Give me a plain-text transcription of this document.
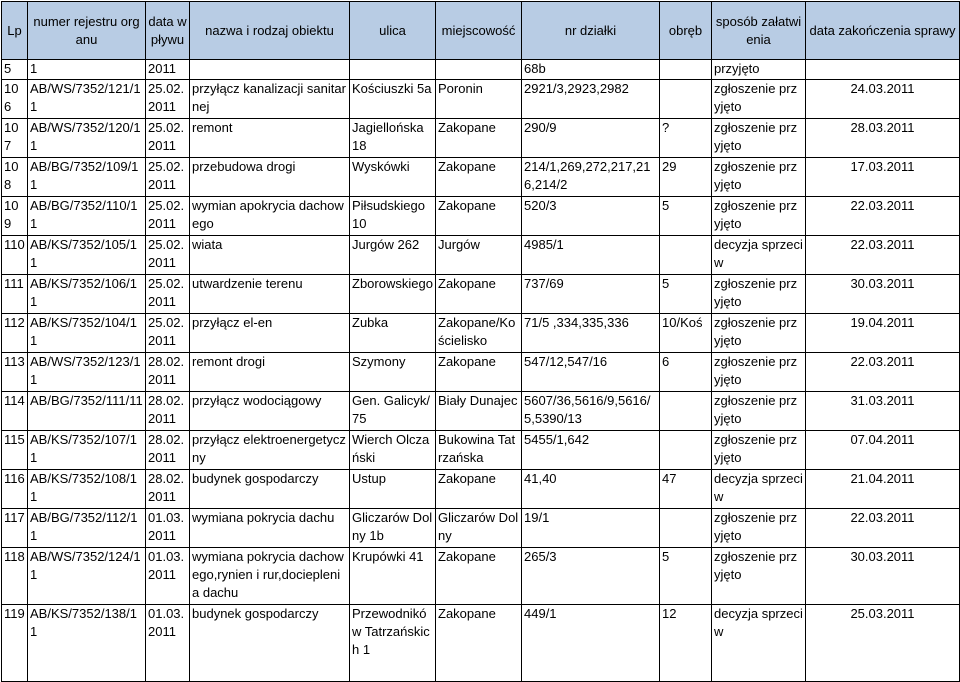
Lp	numer rejestru organu	data wpływu	nazwa i rodzaj obiektu	ulica	miejscowość	nr działki	obręb	sposób załatwienia	data zakończenia sprawy
5	1	2011				68b		przyjęto	
106	AB/WS/7352/121/11	25.02.2011	przyłącz kanalizacji sanitarnej	Kościuszki 5a	Poronin	2921/3,2923,2982		zgłoszenie przyjęto	24.03.2011
107	AB/WS/7352/120/11	25.02.2011	remont	Jagiellońska 18	Zakopane	290/9	?	zgłoszenie przyjęto	28.03.2011
108	AB/BG/7352/109/11	25.02.2011	przebudowa drogi	Wyskówki	Zakopane	214/1,269,272,217,216,214/2	29	zgłoszenie przyjęto	17.03.2011
109	AB/BG/7352/110/11	25.02.2011	wymian apokrycia dachowego	Piłsudskiego 10	Zakopane	520/3	5	zgłoszenie przyjęto	22.03.2011
110	AB/KS/7352/105/11	25.02.2011	wiata	Jurgów 262	Jurgów	4985/1		decyzja sprzeciw	22.03.2011
111	AB/KS/7352/106/11	25.02.2011	utwardzenie terenu	Zborowskiego	Zakopane	737/69	5	zgłoszenie przyjęto	30.03.2011
112	AB/KS/7352/104/11	25.02.2011	przyłącz el-en	Zubka	Zakopane/Kościelisko	71/5 ,334,335,336	10/Koś	zgłoszenie przyjęto	19.04.2011
113	AB/WS/7352/123/11	28.02.2011	remont drogi	Szymony	Zakopane	547/12,547/16	6	zgłoszenie przyjęto	22.03.2011
114	AB/BG/7352/111/11	28.02.2011	przyłącz wodociągowy	Gen. Galicyk/75	Biały Dunajec	5607/36,5616/9,5616/5,5390/13		zgłoszenie przyjęto	31.03.2011
115	AB/KS/7352/107/11	28.02.2011	przyłącz elektroenergetyczny	Wierch Olczański	Bukowina Tatrzańska	5455/1,642		zgłoszenie przyjęto	07.04.2011
116	AB/KS/7352/108/11	28.02.2011	budynek gospodarczy	Ustup	Zakopane	41,40	47	decyzja sprzeciw	21.04.2011
117	AB/BG/7352/112/11	01.03.2011	wymiana pokrycia dachu	Gliczarów Dolny 1b	Gliczarów Dolny	19/1		zgłoszenie przyjęto	22.03.2011
118	AB/WS/7352/124/11	01.03.2011	wymiana pokrycia dachowego,rynien i rur,docieplenia dachu	Krupówki 41	Zakopane	265/3	5	zgłoszenie przyjęto	30.03.2011
119	AB/KS/7352/138/11	01.03.2011	budynek gospodarczy	Przewodników Tatrzańskich 1	Zakopane	449/1	12	decyzja sprzeciw	25.03.2011
